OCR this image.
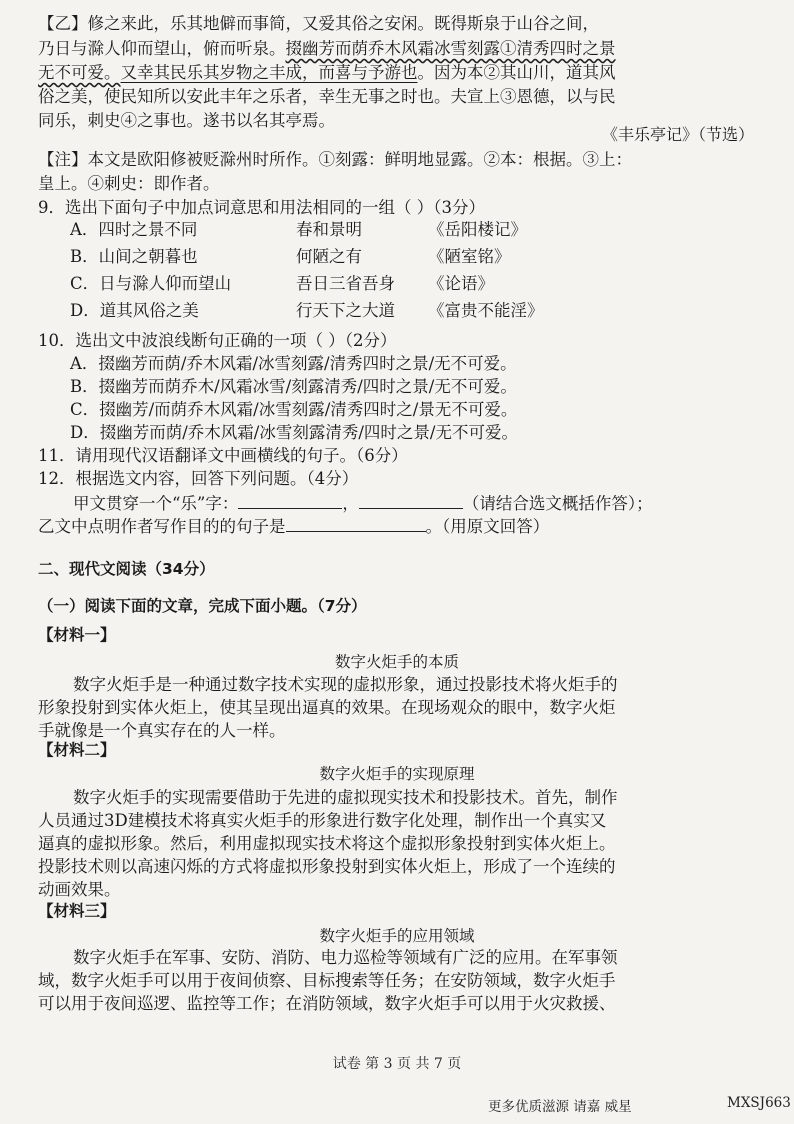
【乙】修之来此，乐其地僻而事简，又爱其俗之安闲。既得斯泉于山谷之间，
乃日与滁人仰而望山，俯而听泉。掇幽芳而荫乔木风霜冰雪刻露①清秀四时之景
无不可爱。又幸其民乐其岁物之丰成，而喜与予游也。因为本②其山川，道其风
俗之美，使民知所以安此丰年之乐者，幸生无事之时也。夫宣上③恩德，以与民
同乐，刺史④之事也。遂书以名其亭焉。
《丰乐亭记》（节选）
【注】本文是欧阳修被贬滁州时所作。①刻露：鲜明地显露。②本：根据。③上：
皇上。④刺史：即作者。
9．选出下面句子中加点词意思和用法相同的一组（ ）（3分）
A．四时之景不同	春和景明	《岳阳楼记》
B．山间之朝暮也	何陋之有	《陋室铭》
C．日与滁人仰而望山	吾日三省吾身 《论语》
D．道其风俗之美	行天下之大道 《富贵不能淫》
10．选出文中波浪线断句正确的一项（ ）（2分）
A．掇幽芳而荫/乔木风霜/冰雪刻露/清秀四时之景/无不可爱。
B．掇幽芳而荫乔木/风霜冰雪/刻露清秀/四时之景/无不可爱。
C．掇幽芳/而荫乔木风霜/冰雪刻露/清秀四时之/景无不可爱。
D．掇幽芳而荫/乔木风霜/冰雪刻露清秀/四时之景/无不可爱。
11．请用现代汉语翻译文中画横线的句子。（6分）
12．根据选文内容，回答下列问题。（4分）
甲文贯穿一个“乐”字：	，	（请结合选文概括作答）；
乙文中点明作者写作目的的句子是	。（用原文回答）
二、现代文阅读（34分）
（一）阅读下面的文章，完成下面小题。（7分）
【材料一】
数字火炬手的本质
数字火炬手是一种通过数字技术实现的虚拟形象，通过投影技术将火炬手的
形象投射到实体火炬上，使其呈现出逼真的效果。在现场观众的眼中，数字火炬
手就像是一个真实存在的人一样。
【材料二】
数字火炬手的实现原理
数字火炬手的实现需要借助于先进的虚拟现实技术和投影技术。首先，制作
人员通过3D建模技术将真实火炬手的形象进行数字化处理，制作出一个真实又
逼真的虚拟形象。然后，利用虚拟现实技术将这个虚拟形象投射到实体火炬上。
投影技术则以高速闪烁的方式将虚拟形象投射到实体火炬上，形成了一个连续的
动画效果。
【材料三】
数字火炬手的应用领域
数字火炬手在军事、安防、消防、电力巡检等领域有广泛的应用。在军事领
域，数字火炬手可以用于夜间侦察、目标搜索等任务；在安防领域，数字火炬手
可以用于夜间巡逻、监控等工作；在消防领域，数字火炬手可以用于火灾救援、
试卷 第 3 页 共 7 页
更多优质滋源 请嘉 威星	MXSJ663
